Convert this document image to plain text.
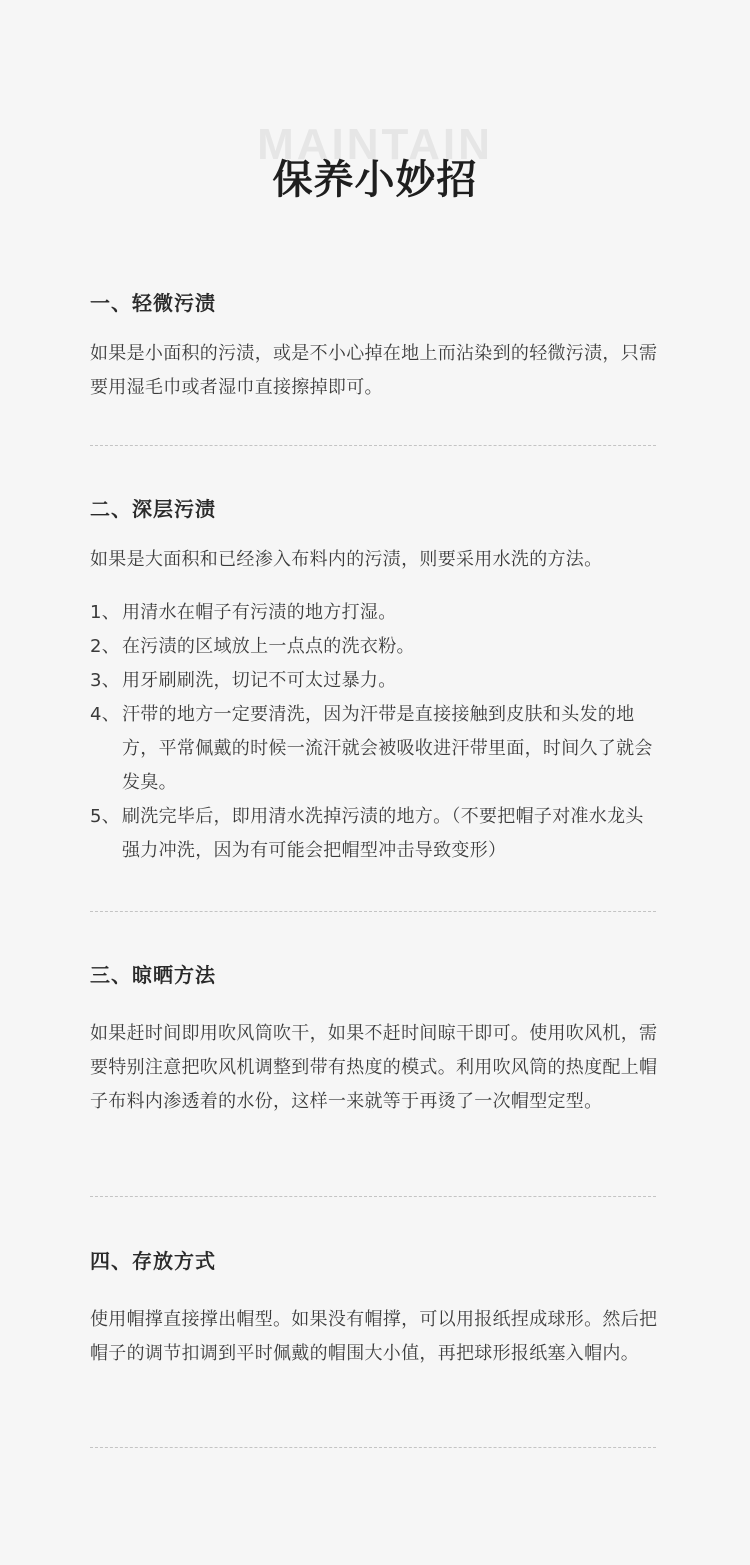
MAINTAIN
保养小妙招
一、轻微污渍

如果是小面积的污渍，或是不小心掉在地上而沾染到的轻微污渍，只需要用湿毛巾或者湿巾直接擦掉即可。

二、深层污渍

如果是大面积和已经渗入布料内的污渍，则要采用水洗的方法。

1、 用清水在帽子有污渍的地方打湿。
2、 在污渍的区域放上一点点的洗衣粉。
3、 用牙刷刷洗，切记不可太过暴力。
4、 汗带的地方一定要清洗，因为汗带是直接接触到皮肤和头发的地方，平常佩戴的时候一流汗就会被吸收进汗带里面，时间久了就会发臭。
5、 刷洗完毕后，即用清水洗掉污渍的地方。（不要把帽子对准水龙头强力冲洗，因为有可能会把帽型冲击导致变形）
三、晾晒方法

如果赶时间即用吹风筒吹干，如果不赶时间晾干即可。使用吹风机，需要特别注意把吹风机调整到带有热度的模式。利用吹风筒的热度配上帽子布料内渗透着的水份，这样一来就等于再烫了一次帽型定型。

四、存放方式

使用帽撑直接撑出帽型。如果没有帽撑，可以用报纸捏成球形。然后把帽子的调节扣调到平时佩戴的帽围大小值，再把球形报纸塞入帽内。
